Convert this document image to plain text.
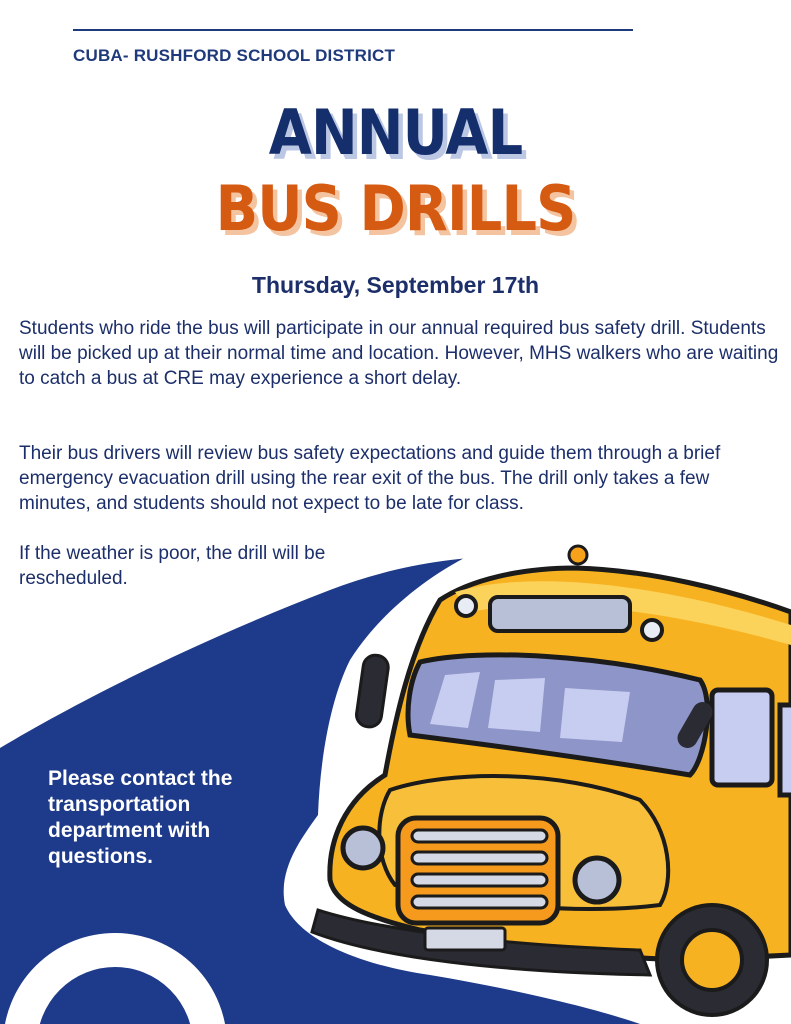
CUBA- RUSHFORD SCHOOL DISTRICT
ANNUAL
BUS DRILLS
Thursday, September 17th
Students who ride the bus will participate in our annual required bus safety drill. Students will be picked up at their normal time and location. However, MHS walkers who are waiting to catch a bus at CRE may experience a short delay.
Their bus drivers will review bus safety expectations and guide them through a brief emergency evacuation drill using the rear exit of the bus. The drill only takes a few minutes, and students should not expect to be late for class.
If the weather is poor, the drill will be rescheduled.
Please contact the transportation department with questions.
